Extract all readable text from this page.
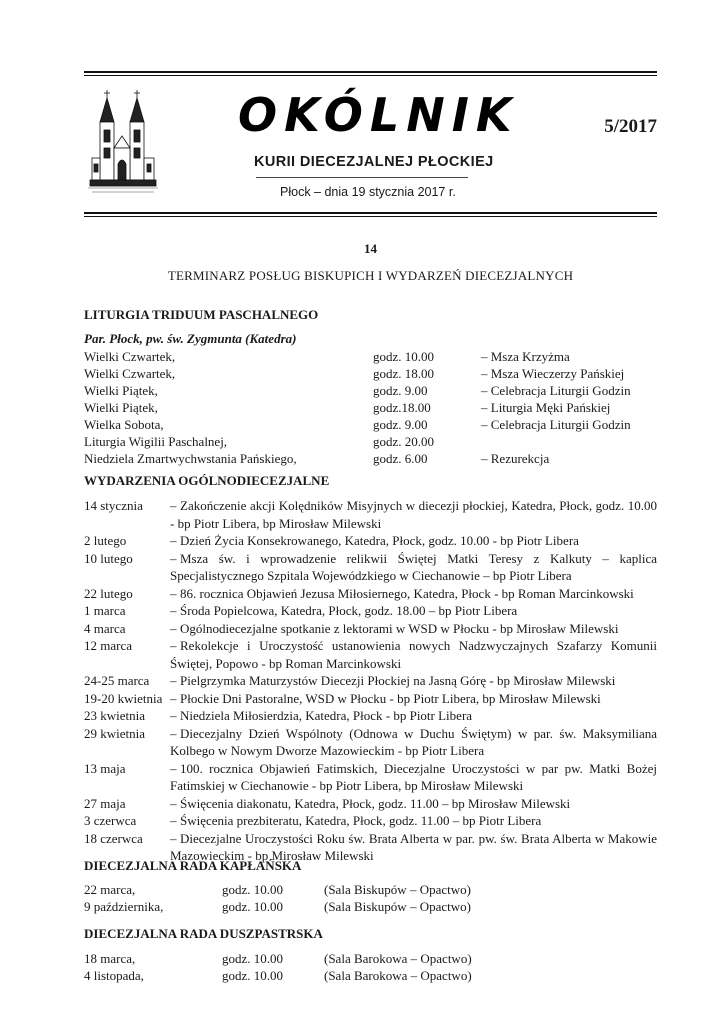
OKÓLNIK	5/2017
KURII DIECEZJALNEJ PŁOCKIEJ
Płock – dnia 19 stycznia 2017 r.
14
TERMINARZ POSŁUG BISKUPICH I WYDARZEŃ DIECEZJALNYCH
LITURGIA TRIDUUM PASCHALNEGO
Par. Płock, pw. św. Zygmunta (Katedra)
Wielki Czwartek,	godz. 10.00	– Msza Krzyżma
Wielki Czwartek,	godz. 18.00	– Msza Wieczerzy Pańskiej
Wielki Piątek,	godz. 9.00	– Celebracja Liturgii Godzin
Wielki Piątek,	godz.18.00	– Liturgia Męki Pańskiej
Wielka Sobota,	godz. 9.00	– Celebracja Liturgii Godzin
Liturgia Wigilii Paschalnej,	godz. 20.00
Niedziela Zmartwychwstania Pańskiego,	godz. 6.00	– Rezurekcja
WYDARZENIA OGÓLNODIECEZJALNE
14 stycznia – Zakończenie akcji Kolędników Misyjnych w diecezji płockiej, Katedra, Płock, godz. 10.00 - bp Piotr Libera, bp Mirosław Milewski
2 lutego	– Dzień Życia Konsekrowanego, Katedra, Płock, godz. 10.00 - bp Piotr Libera
10 lutego	– Msza św. i wprowadzenie relikwii Świętej Matki Teresy z Kalkuty – kaplica Specjalistycznego Szpitala Wojewódzkiego w Ciechanowie – bp Piotr Libera
22 lutego	– 86. rocznica Objawień Jezusa Miłosiernego, Katedra, Płock - bp Roman Marcinkowski
1 marca	– Środa Popielcowa, Katedra, Płock, godz. 18.00 – bp Piotr Libera
4 marca	– Ogólnodiecezjalne spotkanie z lektorami w WSD w Płocku - bp Mirosław Milewski
12 marca	– Rekolekcje i Uroczystość ustanowienia nowych Nadzwyczajnych Szafarzy Komunii Świętej, Popowo - bp Roman Marcinkowski
24-25 marca – Pielgrzymka Maturzystów Diecezji Płockiej na Jasną Górę - bp Mirosław Milewski
19-20 kwietnia – Płockie Dni Pastoralne, WSD w Płocku - bp Piotr Libera, bp Mirosław Milewski
23 kwietnia – Niedziela Miłosierdzia, Katedra, Płock - bp Piotr Libera
29 kwietnia – Diecezjalny Dzień Wspólnoty (Odnowa w Duchu Świętym) w par. św. Maksymiliana Kolbego w Nowym Dworze Mazowieckim - bp Piotr Libera
13 maja	– 100. rocznica Objawień Fatimskich, Diecezjalne Uroczystości w par pw. Matki Bożej Fatimskiej w Ciechanowie - bp Piotr Libera, bp Mirosław Milewski
27 maja	– Święcenia diakonatu, Katedra, Płock, godz. 11.00 – bp Mirosław Milewski
3 czerwca	– Święcenia prezbiteratu, Katedra, Płock, godz. 11.00 – bp Piotr Libera
18 czerwca – Diecezjalne Uroczystości Roku św. Brata Alberta w par. pw. św. Brata Alberta w Makowie Mazowieckim - bp Mirosław Milewski
DIECEZJALNA RADA KAPŁAŃSKA
22 marca,	godz. 10.00	(Sala Biskupów – Opactwo)
9 października,	godz. 10.00	(Sala Biskupów – Opactwo)
DIECEZJALNA RADA DUSZPASTRSKA
18 marca,	godz. 10.00	(Sala Barokowa – Opactwo)
4 listopada,	godz. 10.00	(Sala Barokowa – Opactwo)
